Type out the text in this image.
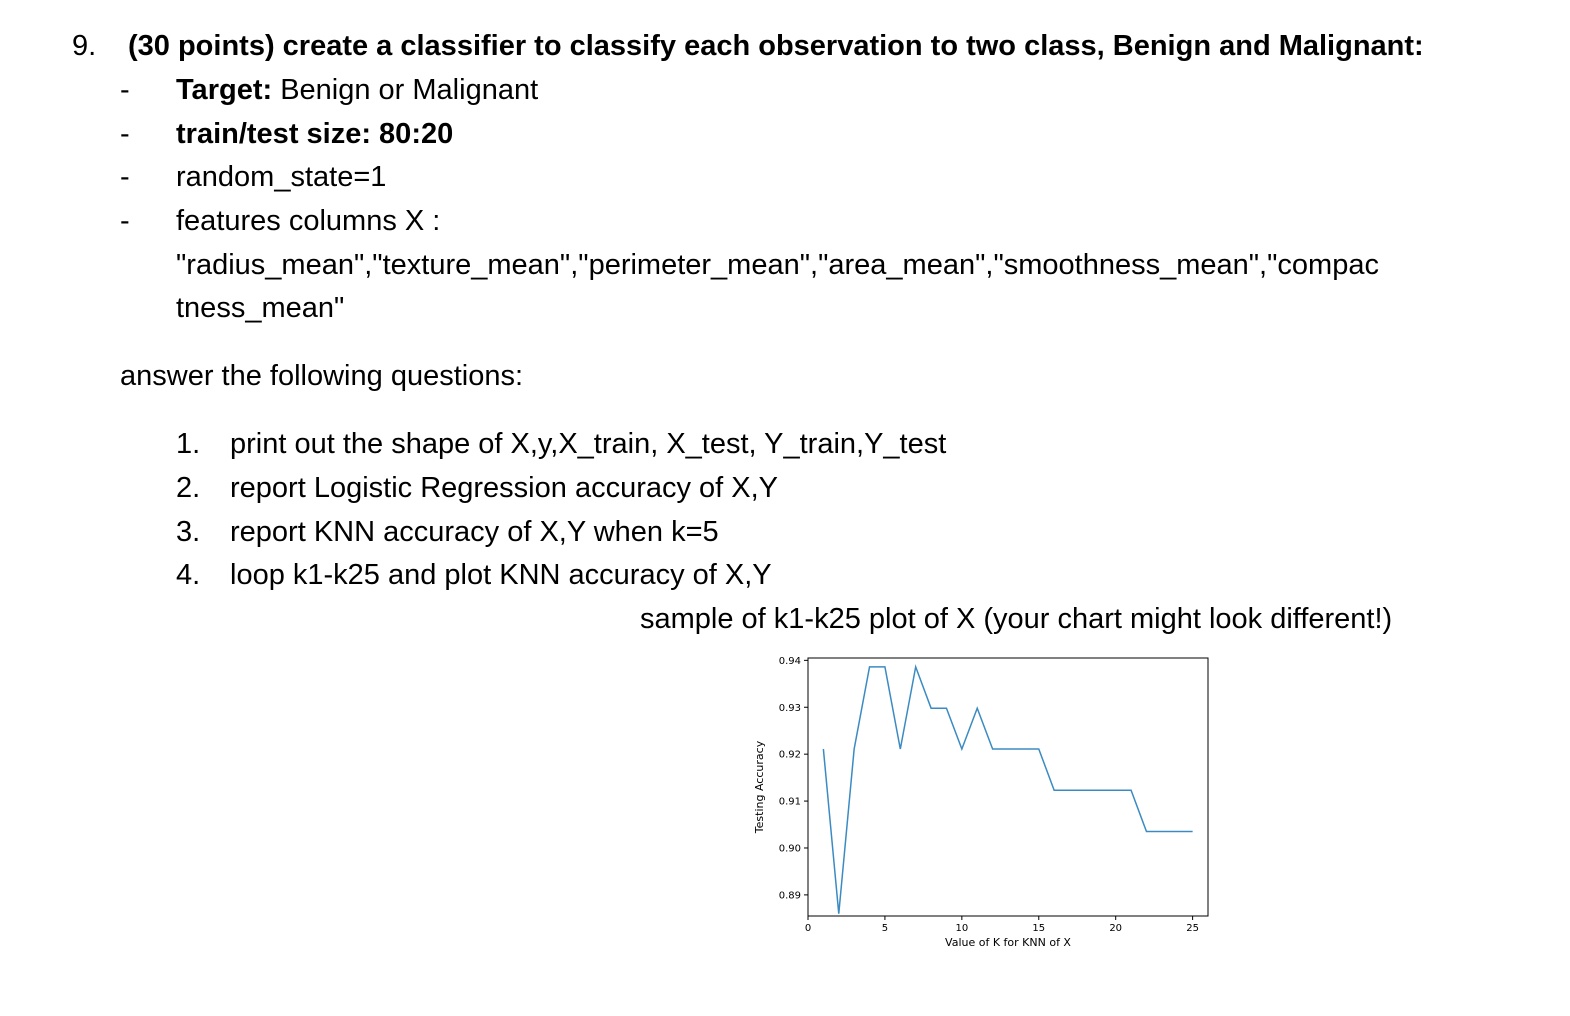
9. (30 points) create a classifier to classify each observation to two class, Benign and Malignant:
- Target: Benign or Malignant
- train/test size: 80:20
- random_state=1
- features columns X :
"radius_mean","texture_mean","perimeter_mean","area_mean","smoothness_mean","compac
tness_mean"
answer the following questions:
1. print out the shape of X,y,X_train, X_test, Y_train,Y_test
2. report Logistic Regression accuracy of X,Y
3. report KNN accuracy of X,Y when k=5
4. loop k1-k25 and plot KNN accuracy of X,Y
sample of k1-k25 plot of X (your chart might look different!)
0	5	10	15	20	25
0.89
0.90
0.91
0.92
0.93
0.94
Value of K for KNN of X
Testing Accuracy
